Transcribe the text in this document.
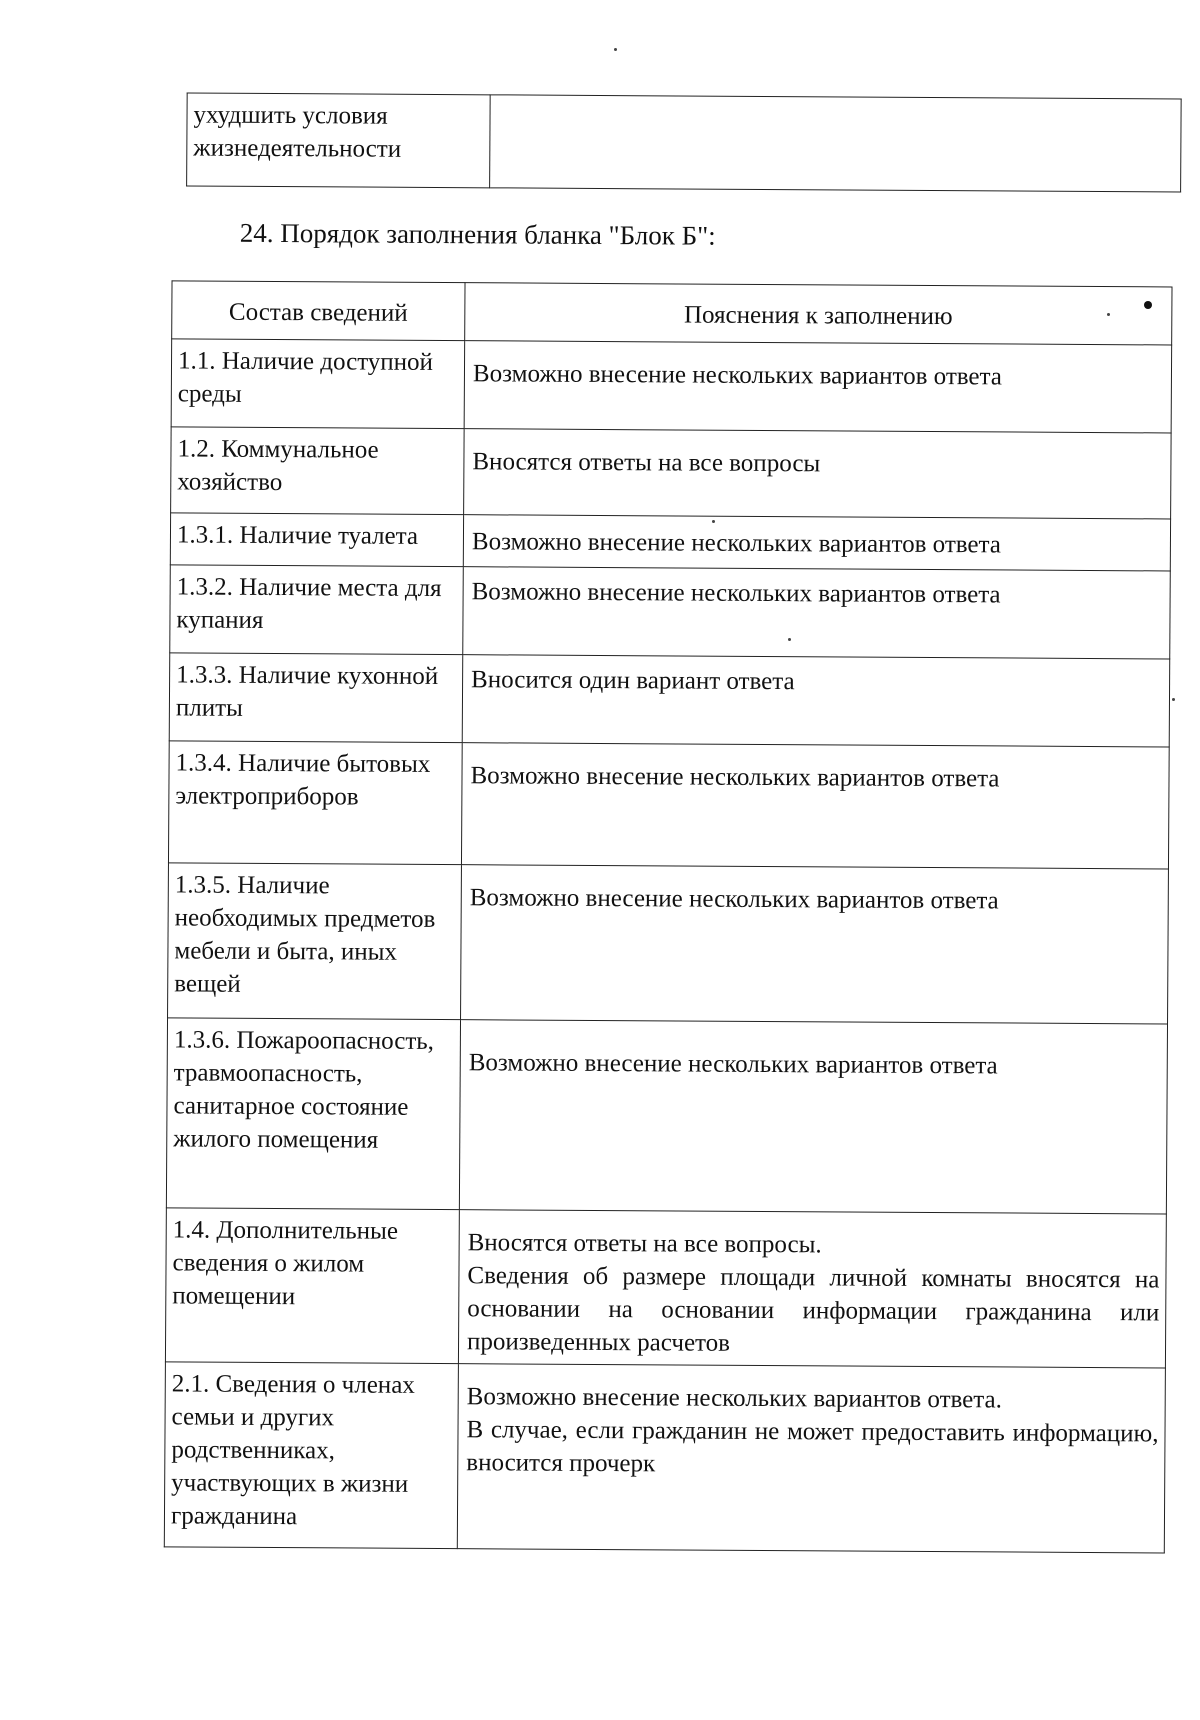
ухудшить условия жизнедеятельности	
24. Порядок заполнения бланка "Блок Б":
Состав сведений	Пояснения к заполнению
1.1. Наличие доступной среды	Возможно внесение нескольких вариантов ответа
1.2. Коммунальное хозяйство	Вносятся ответы на все вопросы
1.3.1. Наличие туалета	Возможно внесение нескольких вариантов ответа
1.3.2. Наличие места для купания	Возможно внесение нескольких вариантов ответа
1.3.3. Наличие кухонной плиты	Вносится один вариант ответа
1.3.4. Наличие бытовых электроприборов	Возможно внесение нескольких вариантов ответа
1.3.5. Наличие необходимых предметов мебели и быта, иных вещей	Возможно внесение нескольких вариантов ответа
1.3.6. Пожароопасность, травмоопасность, санитарное состояние жилого помещения	Возможно внесение нескольких вариантов ответа
1.4. Дополнительные сведения о жилом помещении	Вносятся ответы на все вопросы.
Сведения об размере площади личной комнаты вносятся на основании на основании информации гражданина или произведенных расчетов

2.1. Сведения о членах семьи и других родственниках, участвующих в жизни гражданина	Возможно внесение нескольких вариантов ответа.
В случае, если гражданин не может предоставить информацию, вносится прочерк
